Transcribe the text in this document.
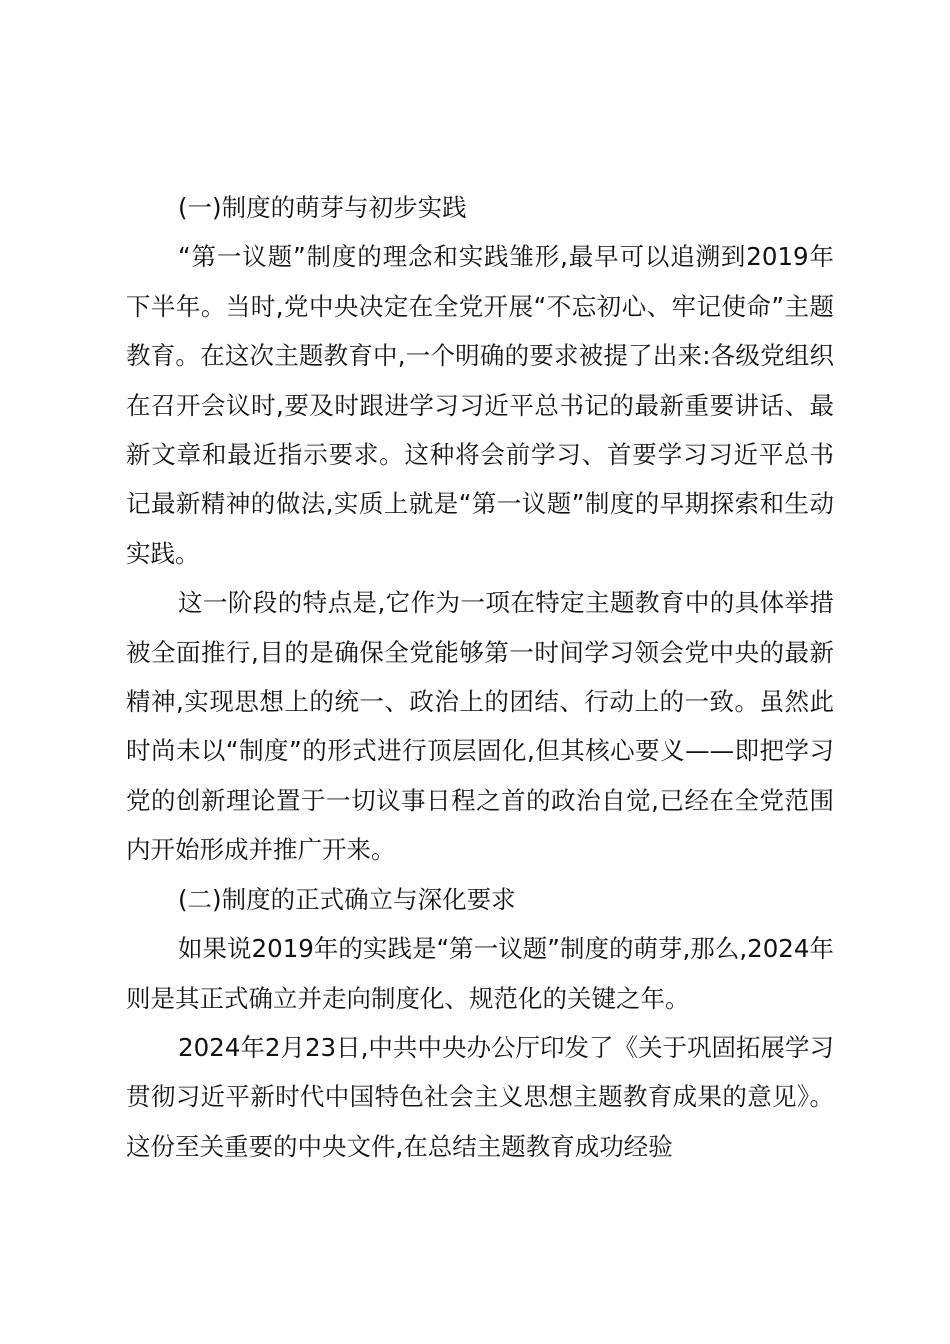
(一)制度的萌芽与初步实践

“第一议题”制度的理念和实践雏形,最早可以追溯到2019年下半年。当时,党中央决定在全党开展“不忘初心、牢记使命”主题教育。在这次主题教育中,一个明确的要求被提了出来:各级党组织在召开会议时,要及时跟进学习习近平总书记的最新重要讲话、最新文章和最近指示要求。这种将会前学习、首要学习习近平总书记最新精神的做法,实质上就是“第一议题”制度的早期探索和生动实践。

这一阶段的特点是,它作为一项在特定主题教育中的具体举措被全面推行,目的是确保全党能够第一时间学习领会党中央的最新精神,实现思想上的统一、政治上的团结、行动上的一致。虽然此时尚未以“制度”的形式进行顶层固化,但其核心要义——即把学习党的创新理论置于一切议事日程之首的政治自觉,已经在全党范围内开始形成并推广开来。

(二)制度的正式确立与深化要求

如果说2019年的实践是“第一议题”制度的萌芽,那么,2024年则是其正式确立并走向制度化、规范化的关键之年。

2024年2月23日,中共中央办公厅印发了《关于巩固拓展学习贯彻习近平新时代中国特色社会主义思想主题教育成果的意见》。这份至关重要的中央文件,在总结主题教育成功经验
